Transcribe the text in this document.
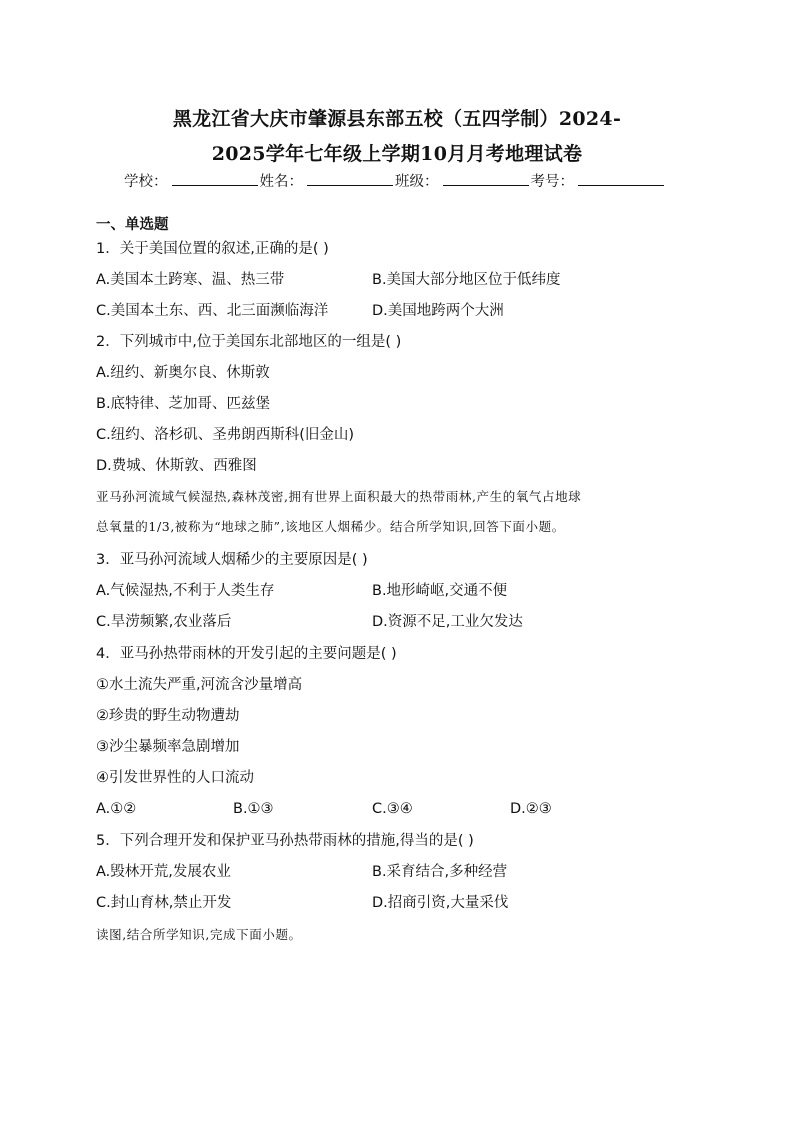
黑龙江省大庆市肇源县东部五校（五四学制）2024-
2025学年七年级上学期10月月考地理试卷
学校：	姓名：	班级：	考号：
一、单选题
1．关于美国位置的叙述,正确的是( )
A.美国本土跨寒、温、热三带	B.美国大部分地区位于低纬度
C.美国本土东、西、北三面濒临海洋	D.美国地跨两个大洲
2．下列城市中,位于美国东北部地区的一组是( )
A.纽约、新奥尔良、休斯敦
B.底特律、芝加哥、匹兹堡
C.纽约、洛杉矶、圣弗朗西斯科(旧金山)
D.费城、休斯敦、西雅图
亚马孙河流域气候湿热,森林茂密,拥有世界上面积最大的热带雨林,产生的氧气占地球
总氧量的1/3,被称为“地球之肺”,该地区人烟稀少。结合所学知识,回答下面小题。
3．亚马孙河流域人烟稀少的主要原因是( )
A.气候湿热,不利于人类生存	B.地形崎岖,交通不便
C.旱涝频繁,农业落后	D.资源不足,工业欠发达
4．亚马孙热带雨林的开发引起的主要问题是( )
①水土流失严重,河流含沙量增高
②珍贵的野生动物遭劫
③沙尘暴频率急剧增加
④引发世界性的人口流动
A.①②	B.①③	C.③④	D.②③
5．下列合理开发和保护亚马孙热带雨林的措施,得当的是( )
A.毁林开荒,发展农业	B.采育结合,多种经营
C.封山育林,禁止开发	D.招商引资,大量采伐
读图,结合所学知识,完成下面小题。
